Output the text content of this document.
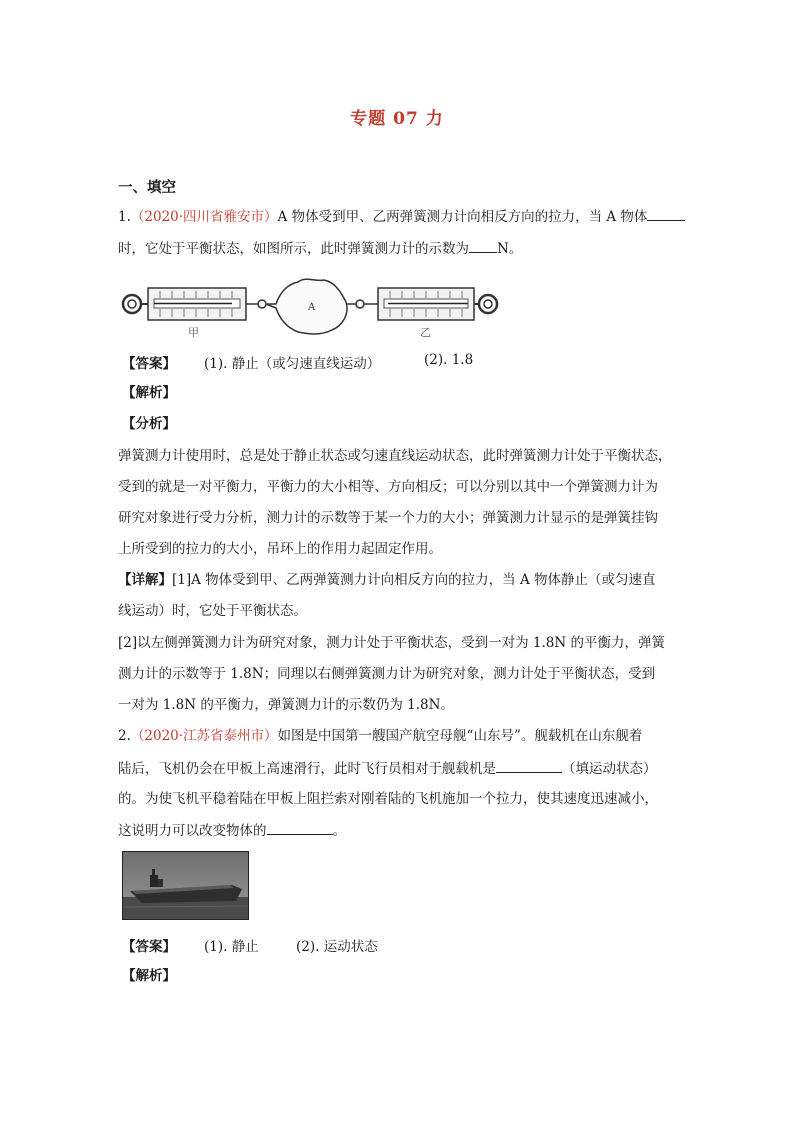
专题 07 力
一、填空
1.（2020·四川省雅安市）A 物体受到甲、乙两弹簧测力计向相反方向的拉力，当 A 物体
时，它处于平衡状态，如图所示，此时弹簧测力计的示数为 N。
A
甲	乙
【答案】 (1). 静止（或匀速直线运动）	(2). 1.8
【解析】
【分析】
弹簧测力计使用时，总是处于静止状态或匀速直线运动状态，此时弹簧测力计处于平衡状态，
受到的就是一对平衡力，平衡力的大小相等、方向相反；可以分别以其中一个弹簧测力计为
研究对象进行受力分析，测力计的示数等于某一个力的大小；弹簧测力计显示的是弹簧挂钩
上所受到的拉力的大小，吊环上的作用力起固定作用。
【详解】[1]A 物体受到甲、乙两弹簧测力计向相反方向的拉力，当 A 物体静止（或匀速直
线运动）时，它处于平衡状态。
[2]以左侧弹簧测力计为研究对象，测力计处于平衡状态，受到一对为 1.8N 的平衡力，弹簧
测力计的示数等于 1.8N；同理以右侧弹簧测力计为研究对象，测力计处于平衡状态，受到
一对为 1.8N 的平衡力，弹簧测力计的示数仍为 1.8N。
2.（2020·江苏省泰州市）如图是中国第一艘国产航空母舰“山东号”。舰载机在山东舰着
陆后，飞机仍会在甲板上高速滑行，此时飞行员相对于舰载机是	（填运动状态）
的。为使飞机平稳着陆在甲板上阻拦索对刚着陆的飞机施加一个拉力，使其速度迅速减小，
这说明力可以改变物体的	。
【答案】 (1). 静止	(2). 运动状态
【解析】
